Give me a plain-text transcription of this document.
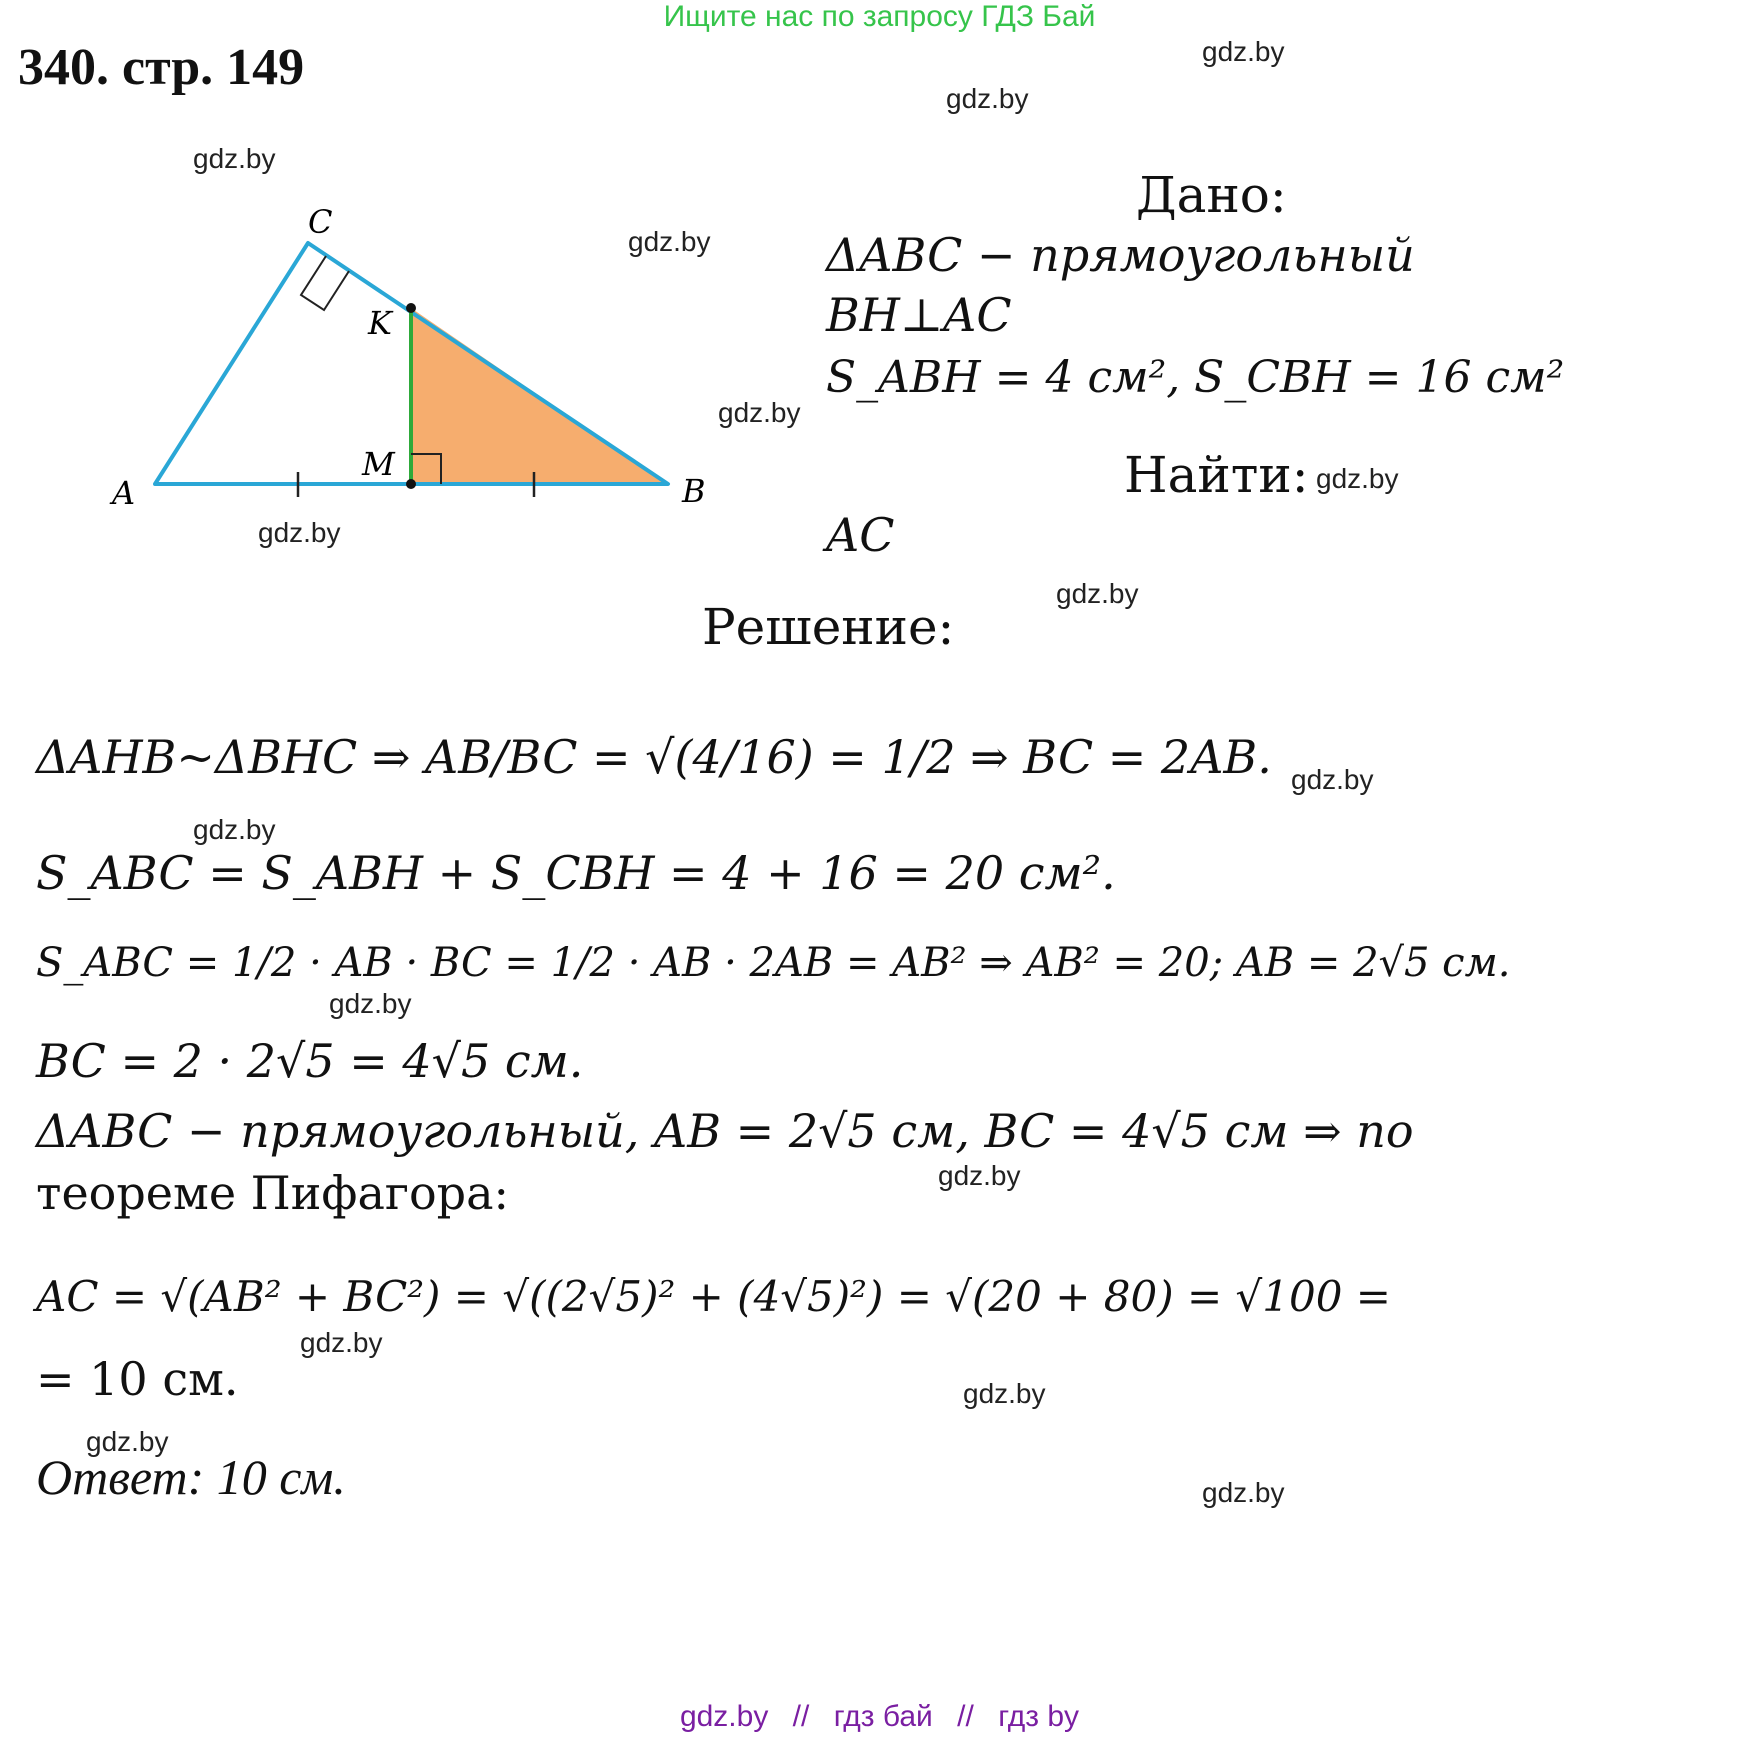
Ищите нас по запросу ГДЗ Бай
340. стр. 149	gdz.by
gdz.by
gdz.by
gdz.by
gdz.by
gdz.by
gdz.by
gdz.by
gdz.by
gdz.by
gdz.by
gdz.by
gdz.by
gdz.by
gdz.by
gdz.by
A	B
C
K
M
Дано:
ΔABC − прямоугольный
BH⊥AC
S_ABH = 4 см², S_CBH = 16 см²
Найти:
AC
Решение:
ΔAHB~ΔBHC ⇒ AB/BC = √(4/16) = 1/2 ⇒ BC = 2AB.
S_ABC = S_ABH + S_CBH = 4 + 16 = 20 см².
S_ABC = 1/2 · AB · BC = 1/2 · AB · 2AB = AB² ⇒ AB² = 20; AB = 2√5 см.
BC = 2 · 2√5 = 4√5 см.
ΔABC − прямоугольный, AB = 2√5 см, BC = 4√5 см ⇒ по
теореме Пифагора:
AC = √(AB² + BC²) = √((2√5)² + (4√5)²) = √(20 + 80) = √100 =
= 10 см.
Ответ: 10 см.
gdz.by // гдз бай // гдз by
